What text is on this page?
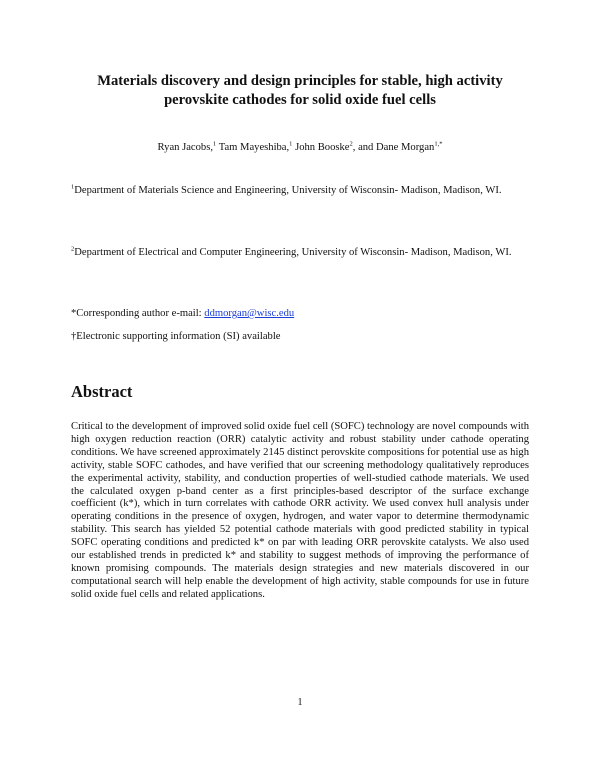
Materials discovery and design principles for stable, high activity
perovskite cathodes for solid oxide fuel cells
Ryan Jacobs,$^1$ Tam Mayeshiba,$^1$ John Booske$^2$, and Dane Morgan$^{1,*}$
$^1$Department of Materials Science and Engineering, University of Wisconsin- Madison, Madison, WI.
$^2$Department of Electrical and Computer Engineering, University of Wisconsin- Madison, Madison, WI.
*Corresponding author e-mail: ddmorgan@wisc.edu
†Electronic supporting information (SI) available
Abstract
Critical to the development of improved solid oxide fuel cell (SOFC) technology are novel compounds with high oxygen reduction reaction (ORR) catalytic activity and robust stability under cathode operating conditions. We have screened approximately 2145 distinct perovskite compositions for potential use as high activity, stable SOFC cathodes, and have verified that our screening methodology qualitatively reproduces the experimental activity, stability, and conduction properties of well-studied cathode materials. We used the calculated oxygen p-band center as a first principles-based descriptor of the surface exchange coefficient (k*), which in turn correlates with cathode ORR activity. We used convex hull analysis under operating conditions in the presence of oxygen, hydrogen, and water vapor to determine thermodynamic stability. This search has yielded 52 potential cathode materials with good predicted stability in typical SOFC operating conditions and predicted k* on par with leading ORR perovskite catalysts. We also used our established trends in predicted k* and stability to suggest methods of improving the performance of known promising compounds. The materials design strategies and new materials discovered in our computational search will help enable the development of high activity, stable compounds for use in future solid oxide fuel cells and related applications.
1
